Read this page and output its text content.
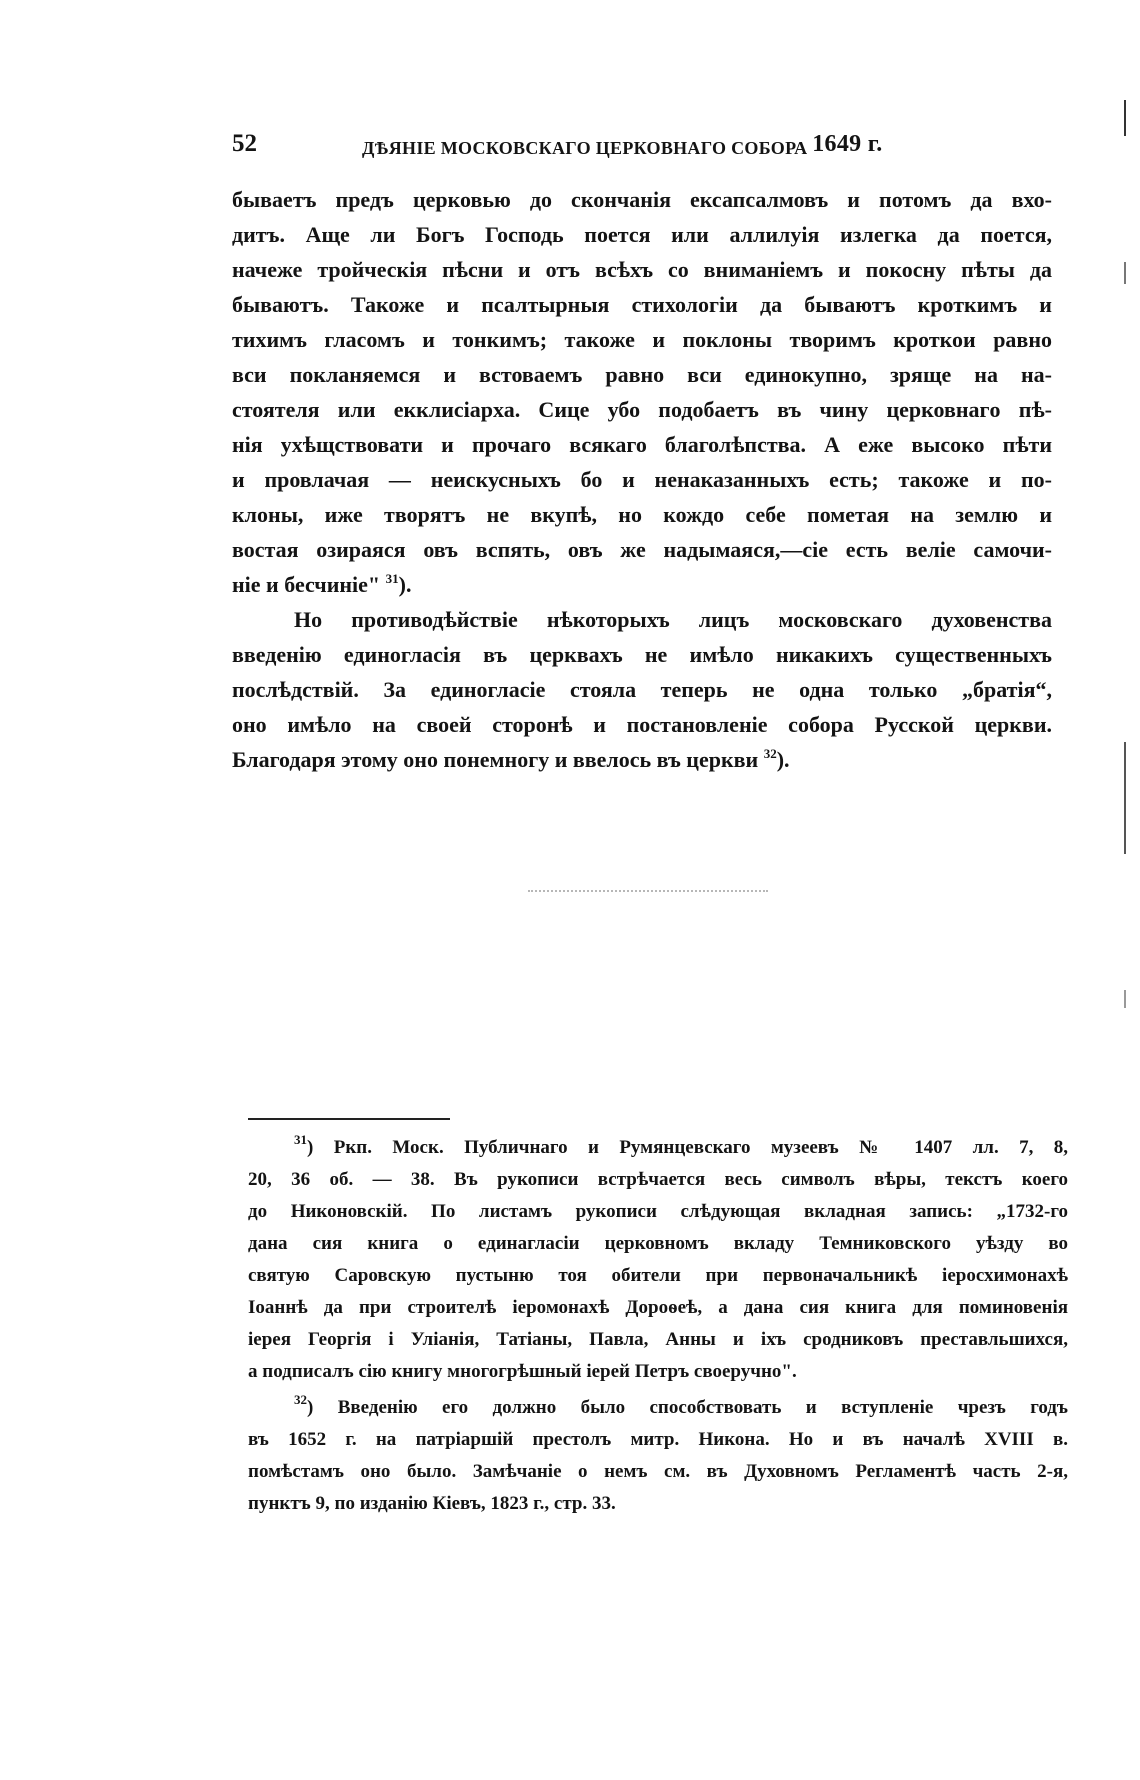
52	ДѢЯНІЕ МОСКОВСКАГО ЦЕРКОВНАГО СОБОРА 1649 г.

бываетъ предъ церковью до скончанія ексапсалмовъ и потомъ да вхо-
дитъ. Аще ли Богъ Господь поется или аллилуія излегка да поется,
начеже тройческія пѣсни и отъ всѣхъ со вниманіемъ и покосну пѣты да
бываютъ. Такоже и псалтырныя стихологіи да бываютъ кроткимъ и
тихимъ гласомъ и тонкимъ; такоже и поклоны творимъ кроткои равно
вси покланяемся и встоваемъ равно вси единокупно, зряще на на-
стоятеля или екклисіарха. Сице убо подобаетъ въ чину церковнагo пѣ-
нія ухѣщствовати и прочаго всякаго благолѣпства. А еже высоко пѣти
и провлачая — неискусныхъ бо и ненаказанныхъ есть; такоже и по-
клоны, иже творятъ не вкупѣ, но кождо себе пометая на землю и
востая озираяся овъ вспять, овъ же надымаяся,—сіе есть веліе самочи-
ніе и бесчиніе" $^{31}$).

Но противодѣйствіе нѣкоторыхъ лицъ московскаго духовенства
введенію единогласія въ церквахъ не имѣло никакихъ существенныхъ
послѣдствій. За единогласіе стояла теперь не одна только „братія“,
оно имѣло на своей сторонѣ и постановленіе собора Русской церкви.
Благодаря этому оно понемногу и ввелось въ церкви $^{32}$).

$^{31}$) Ркп. Моск. Публичнаго и Румянцевскаго музеевъ № 1407 лл. 7, 8,
20, 36 об. — 38. Въ рукописи встрѣчается весь символъ вѣры, текстъ коего
до Никоновскій. По листамъ рукописи слѣдующая вкладная запись: „1732-го
дана сия книга о единагласіи церковномъ вкладу Темниковского уѣзду во
святую Саровскую пустыню тоя обители при первоначальникѣ іеросхимонахѣ
Іоаннѣ да при строителѣ іеромонахѣ Дороѳеѣ, а дана сия книга для поминовенія
іерея Георгія і Уліанія, Татіаны, Павла, Анны и іхъ сродниковъ преставльшихся,
а подписалъ сію книгу многогрѣшный іерей Петръ своеручно".

$^{32}$) Введенію его должно было способствовать и вступленіе чрезъ годъ
въ 1652 г. на патріаршій престолъ митр. Никона. Но и въ началѣ XVIII в.
помѣстамъ оно было. Замѣчаніе о немъ см. въ Духовномъ Регламентѣ часть 2-я,
пунктъ 9, по изданію Кіевъ, 1823 г., стр. 33.
